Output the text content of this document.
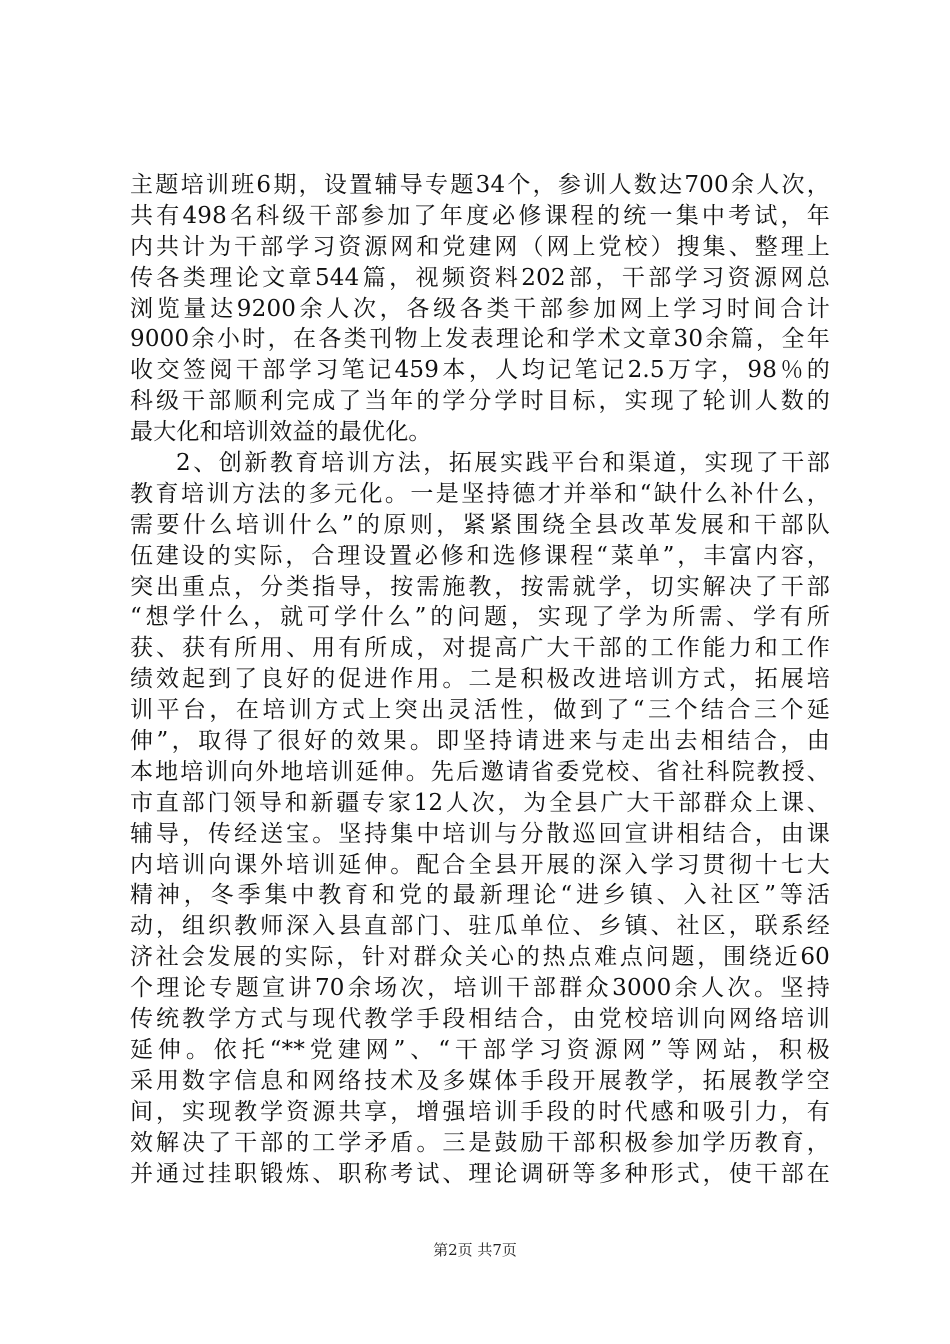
主题培训班6期，设置辅导专题34个，参训人数达700余人次，
共有498名科级干部参加了年度必修课程的统一集中考试，年
内共计为干部学习资源网和党建网（网上党校）搜集、整理上
传各类理论文章544篇，视频资料202部，干部学习资源网总
浏览量达9200余人次，各级各类干部参加网上学习时间合计
9000余小时，在各类刊物上发表理论和学术文章30余篇，全年
收交签阅干部学习笔记459本，人均记笔记2.5万字，98％的
科级干部顺利完成了当年的学分学时目标，实现了轮训人数的
最大化和培训效益的最优化。
2、创新教育培训方法，拓展实践平台和渠道，实现了干部
教育培训方法的多元化。一是坚持德才并举和“缺什么补什么，
需要什么培训什么”的原则，紧紧围绕全县改革发展和干部队
伍建设的实际，合理设置必修和选修课程“菜单”，丰富内容，
突出重点，分类指导，按需施教，按需就学，切实解决了干部
“想学什么，就可学什么”的问题，实现了学为所需、学有所
获、获有所用、用有所成，对提高广大干部的工作能力和工作
绩效起到了良好的促进作用。二是积极改进培训方式，拓展培
训平台，在培训方式上突出灵活性，做到了“三个结合三个延
伸”，取得了很好的效果。即坚持请进来与走出去相结合，由
本地培训向外地培训延伸。先后邀请省委党校、省社科院教授、
市直部门领导和新疆专家12人次，为全县广大干部群众上课、
辅导，传经送宝。坚持集中培训与分散巡回宣讲相结合，由课
内培训向课外培训延伸。配合全县开展的深入学习贯彻十七大
精神，冬季集中教育和党的最新理论“进乡镇、入社区”等活
动，组织教师深入县直部门、驻瓜单位、乡镇、社区，联系经
济社会发展的实际，针对群众关心的热点难点问题，围绕近60
个理论专题宣讲70余场次，培训干部群众3000余人次。坚持
传统教学方式与现代教学手段相结合，由党校培训向网络培训
延伸。依托“**党建网”、“干部学习资源网”等网站，积极
采用数字信息和网络技术及多媒体手段开展教学，拓展教学空
间，实现教学资源共享，增强培训手段的时代感和吸引力，有
效解决了干部的工学矛盾。三是鼓励干部积极参加学历教育，
并通过挂职锻炼、职称考试、理论调研等多种形式，使干部在
第2页 共7页
